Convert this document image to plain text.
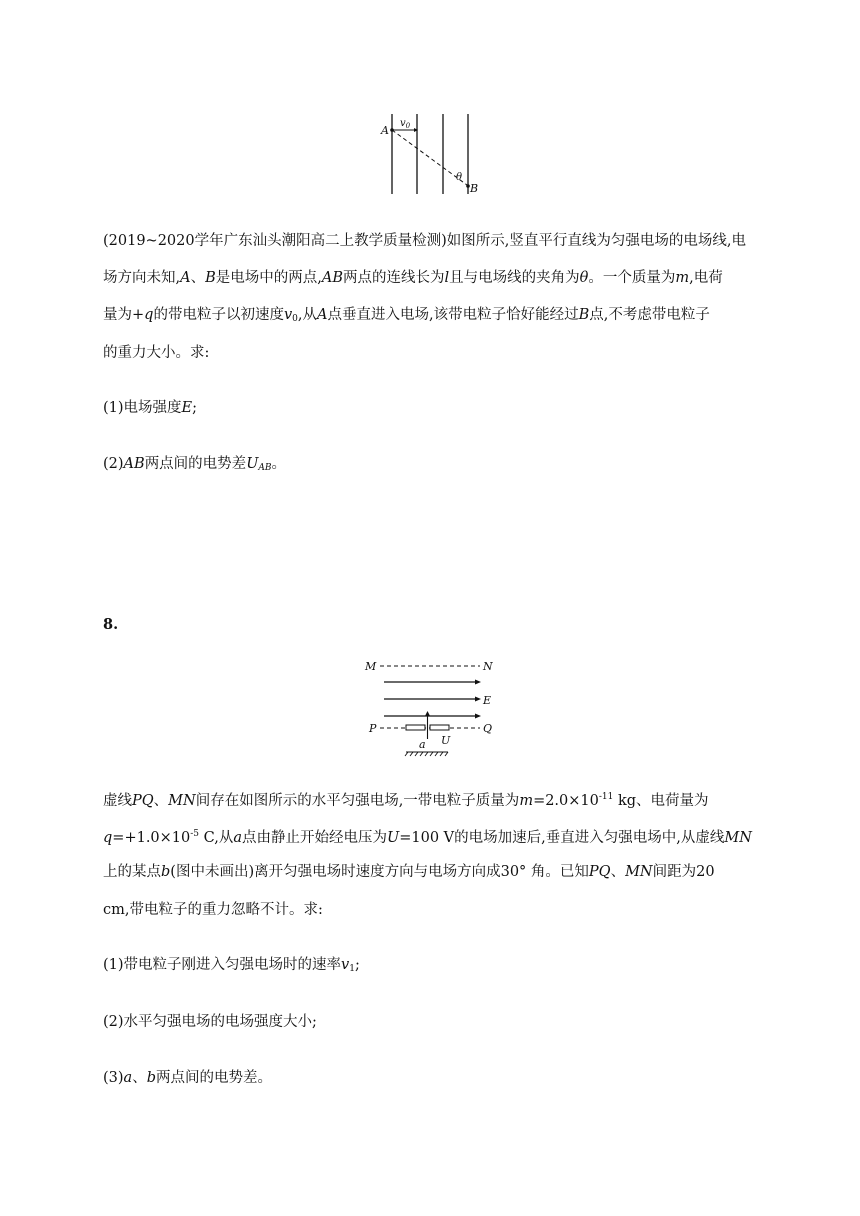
A
$v_0$
θ
B
(2019~2020学年广东汕头潮阳高二上教学质量检测)如图所示,竖直平行直线为匀强电场的电场线,电
场方向未知,A、B是电场中的两点,AB两点的连线长为l且与电场线的夹角为θ。一个质量为m,电荷
量为+q的带电粒子以初速度$v_0$,从A点垂直进入电场,该带电粒子恰好能经过B点,不考虑带电粒子
的重力大小。求:
(1)电场强度E;
(2)AB两点间的电势差$U_{AB}$。
8.
M	N
E
P	Q
U
a
虚线PQ、MN间存在如图所示的水平匀强电场,一带电粒子质量为$m=2.0\times 10^{-11}$ kg、电荷量为
$q=+1.0\times 10^{-5}$ C,从a点由静止开始经电压为U=100 V的电场加速后,垂直进入匀强电场中,从虚线MN
上的某点b(图中未画出)离开匀强电场时速度方向与电场方向成30° 角。已知PQ、MN间距为20
cm,带电粒子的重力忽略不计。求:
(1)带电粒子刚进入匀强电场时的速率$v_1$;
(2)水平匀强电场的电场强度大小;
(3)a、b两点间的电势差。
